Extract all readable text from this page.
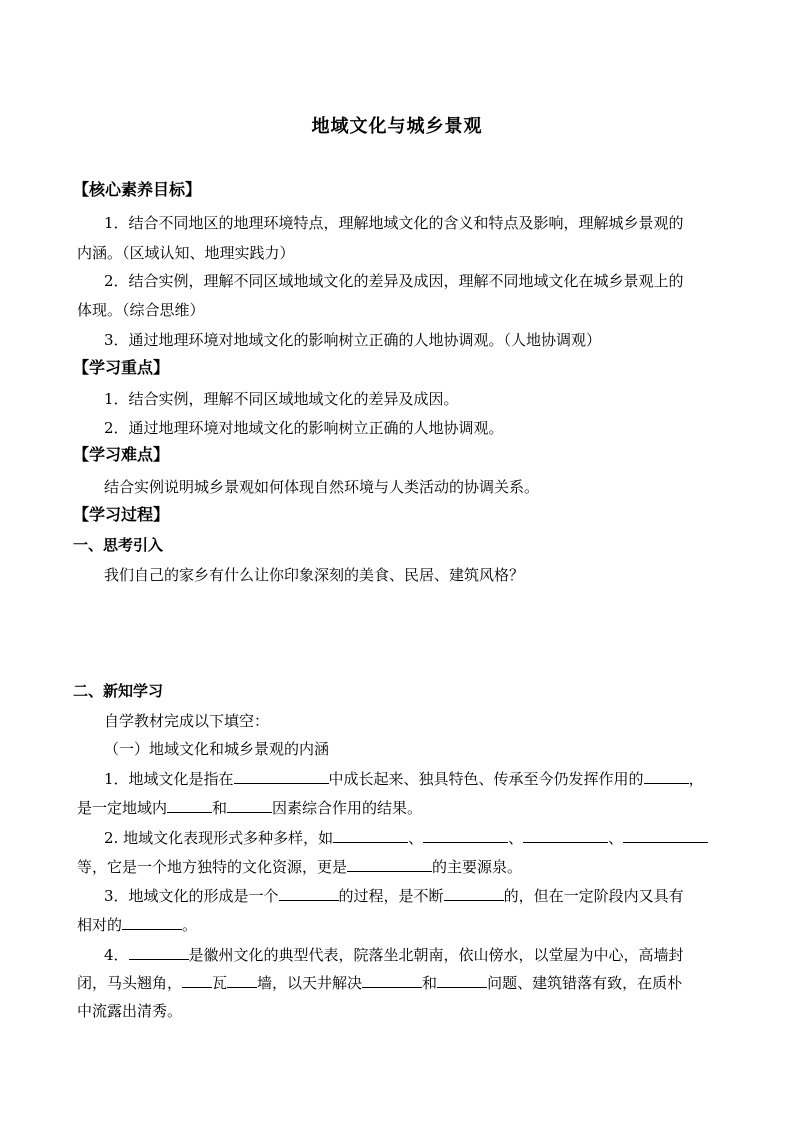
地域文化与城乡景观
【核心素养目标】
1．结合不同地区的地理环境特点，理解地域文化的含义和特点及影响，理解城乡景观的
内涵。（区域认知、地理实践力）
2．结合实例，理解不同区域地域文化的差异及成因，理解不同地域文化在城乡景观上的
体现。（综合思维）
3．通过地理环境对地域文化的影响树立正确的人地协调观。（人地协调观）
【学习重点】
1．结合实例，理解不同区域地域文化的差异及成因。
2．通过地理环境对地域文化的影响树立正确的人地协调观。
【学习难点】
结合实例说明城乡景观如何体现自然环境与人类活动的协调关系。
【学习过程】
一、思考引入
我们自己的家乡有什么让你印象深刻的美食、民居、建筑风格？
二、新知学习
自学教材完成以下填空：
（一）地域文化和城乡景观的内涵
1．地域文化是指在	中成长起来、独具特色、传承至今仍发挥作用的	，
是一定地域内	和	因素综合作用的结果。
2. 地域文化表现形式多种多样，如	、	、	、
等，它是一个地方独特的文化资源，更是	的主要源泉。
3．地域文化的形成是一个	的过程，是不断	的，但在一定阶段内又具有
相对的	。
4．	是徽州文化的典型代表，院落坐北朝南，依山傍水，以堂屋为中心，高墙封
闭，马头翘角， 瓦 墙，以天井解决	和	问题、建筑错落有致，在质朴
中流露出清秀。
